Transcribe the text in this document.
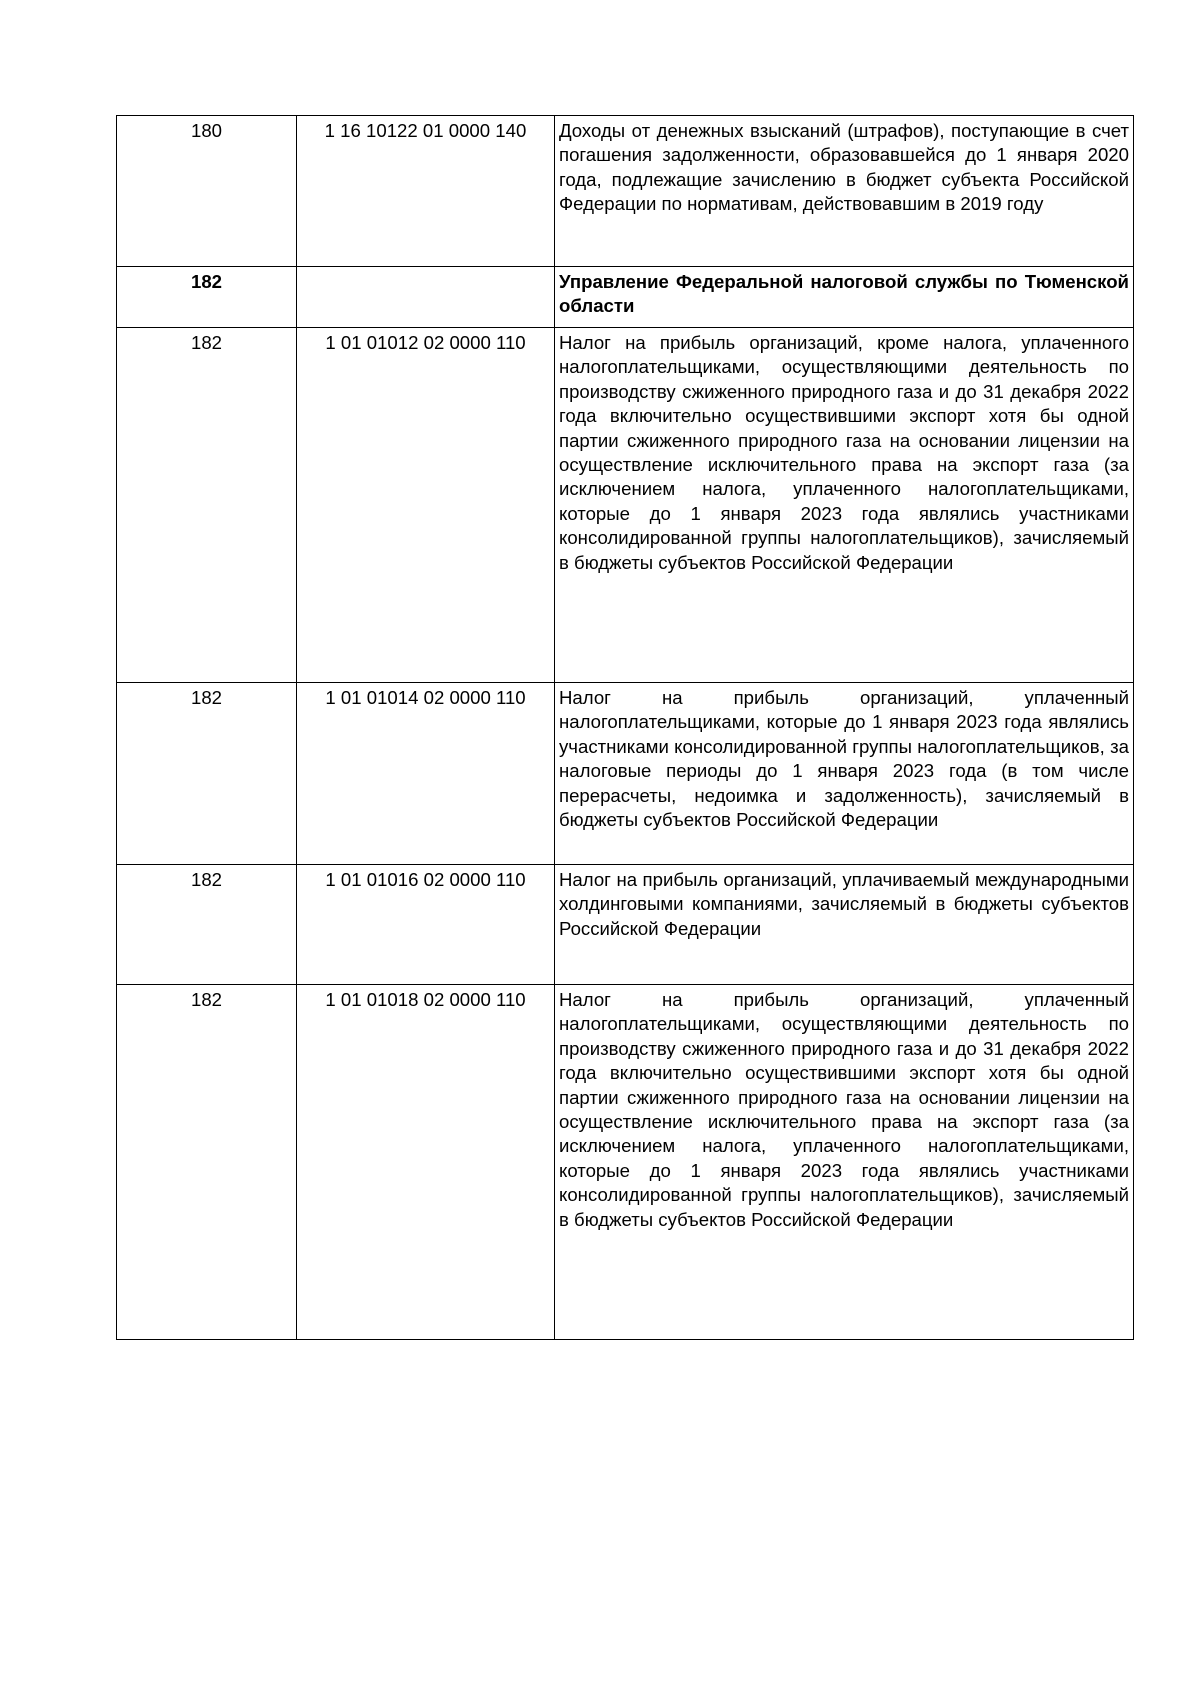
180	1 16 10122 01 0000 140	Доходы от денежных взысканий (штрафов), поступающие в счет погашения задолженности, образовавшейся до 1 января 2020 года, подлежащие зачислению в бюджет субъекта Российской Федерации по нормативам, действовавшим в 2019 году
182		Управление Федеральной налоговой службы по Тюменской области
182	1 01 01012 02 0000 110	Налог на прибыль организаций, кроме налога, уплаченного налогоплательщиками, осуществляющими деятельность по производству сжиженного природного газа и до 31 декабря 2022 года включительно осуществившими экспорт хотя бы одной партии сжиженного природного газа на основании лицензии на осуществление исключительного права на экспорт газа (за исключением налога, уплаченного налогоплательщиками, которые до 1 января 2023 года являлись участниками консолидированной группы налогоплательщиков), зачисляемый в бюджеты субъектов Российской Федерации
182	1 01 01014 02 0000 110	Налог на прибыль организаций, уплаченный налогоплательщиками, которые до 1 января 2023 года являлись участниками консолидированной группы налогоплательщиков, за налоговые периоды до 1 января 2023 года (в том числе перерасчеты, недоимка и задолженность), зачисляемый в бюджеты субъектов Российской Федерации
182	1 01 01016 02 0000 110	Налог на прибыль организаций, уплачиваемый международными холдинговыми компаниями, зачисляемый в бюджеты субъектов Российской Федерации
182	1 01 01018 02 0000 110	Налог на прибыль организаций, уплаченный налогоплательщиками, осуществляющими деятельность по производству сжиженного природного газа и до 31 декабря 2022 года включительно осуществившими экспорт хотя бы одной партии сжиженного природного газа на основании лицензии на осуществление исключительного права на экспорт газа (за исключением налога, уплаченного налогоплательщиками, которые до 1 января 2023 года являлись участниками консолидированной группы налогоплательщиков), зачисляемый в бюджеты субъектов Российской Федерации
